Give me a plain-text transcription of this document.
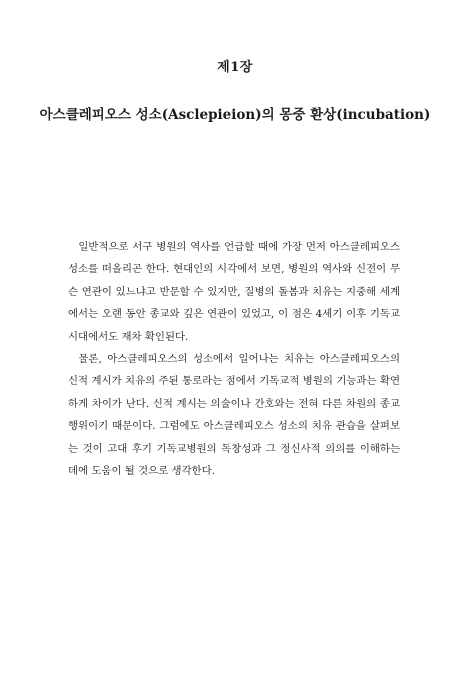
제1장
아스클레피오스 성소(Asclepieion)의 몽중 환상(incubation)

일반적으로 서구 병원의 역사를 언급할 때에 가장 먼저 아스클레피오스 성소를 떠올리곤 한다. 현대인의 시각에서 보면, 병원의 역사와 신전이 무슨 연관이 있느냐고 반문할 수 있지만, 질병의 돌봄과 치유는 지중해 세계에서는 오랜 동안 종교와 깊은 연관이 있었고, 이 점은 4세기 이후 기독교 시대에서도 재차 확인된다.

물론, 아스클레피오스의 성소에서 일어나는 치유는 아스클레피오스의 신적 계시가 치유의 주된 통로라는 점에서 기독교적 병원의 기능과는 확연하게 차이가 난다. 신적 계시는 의술이나 간호와는 전혀 다른 차원의 종교 행위이기 때문이다. 그럼에도 아스클레피오스 성소의 치유 관습을 살펴보는 것이 고대 후기 기독교병원의 독창성과 그 정신사적 의의를 이해하는 데에 도움이 될 것으로 생각한다.
